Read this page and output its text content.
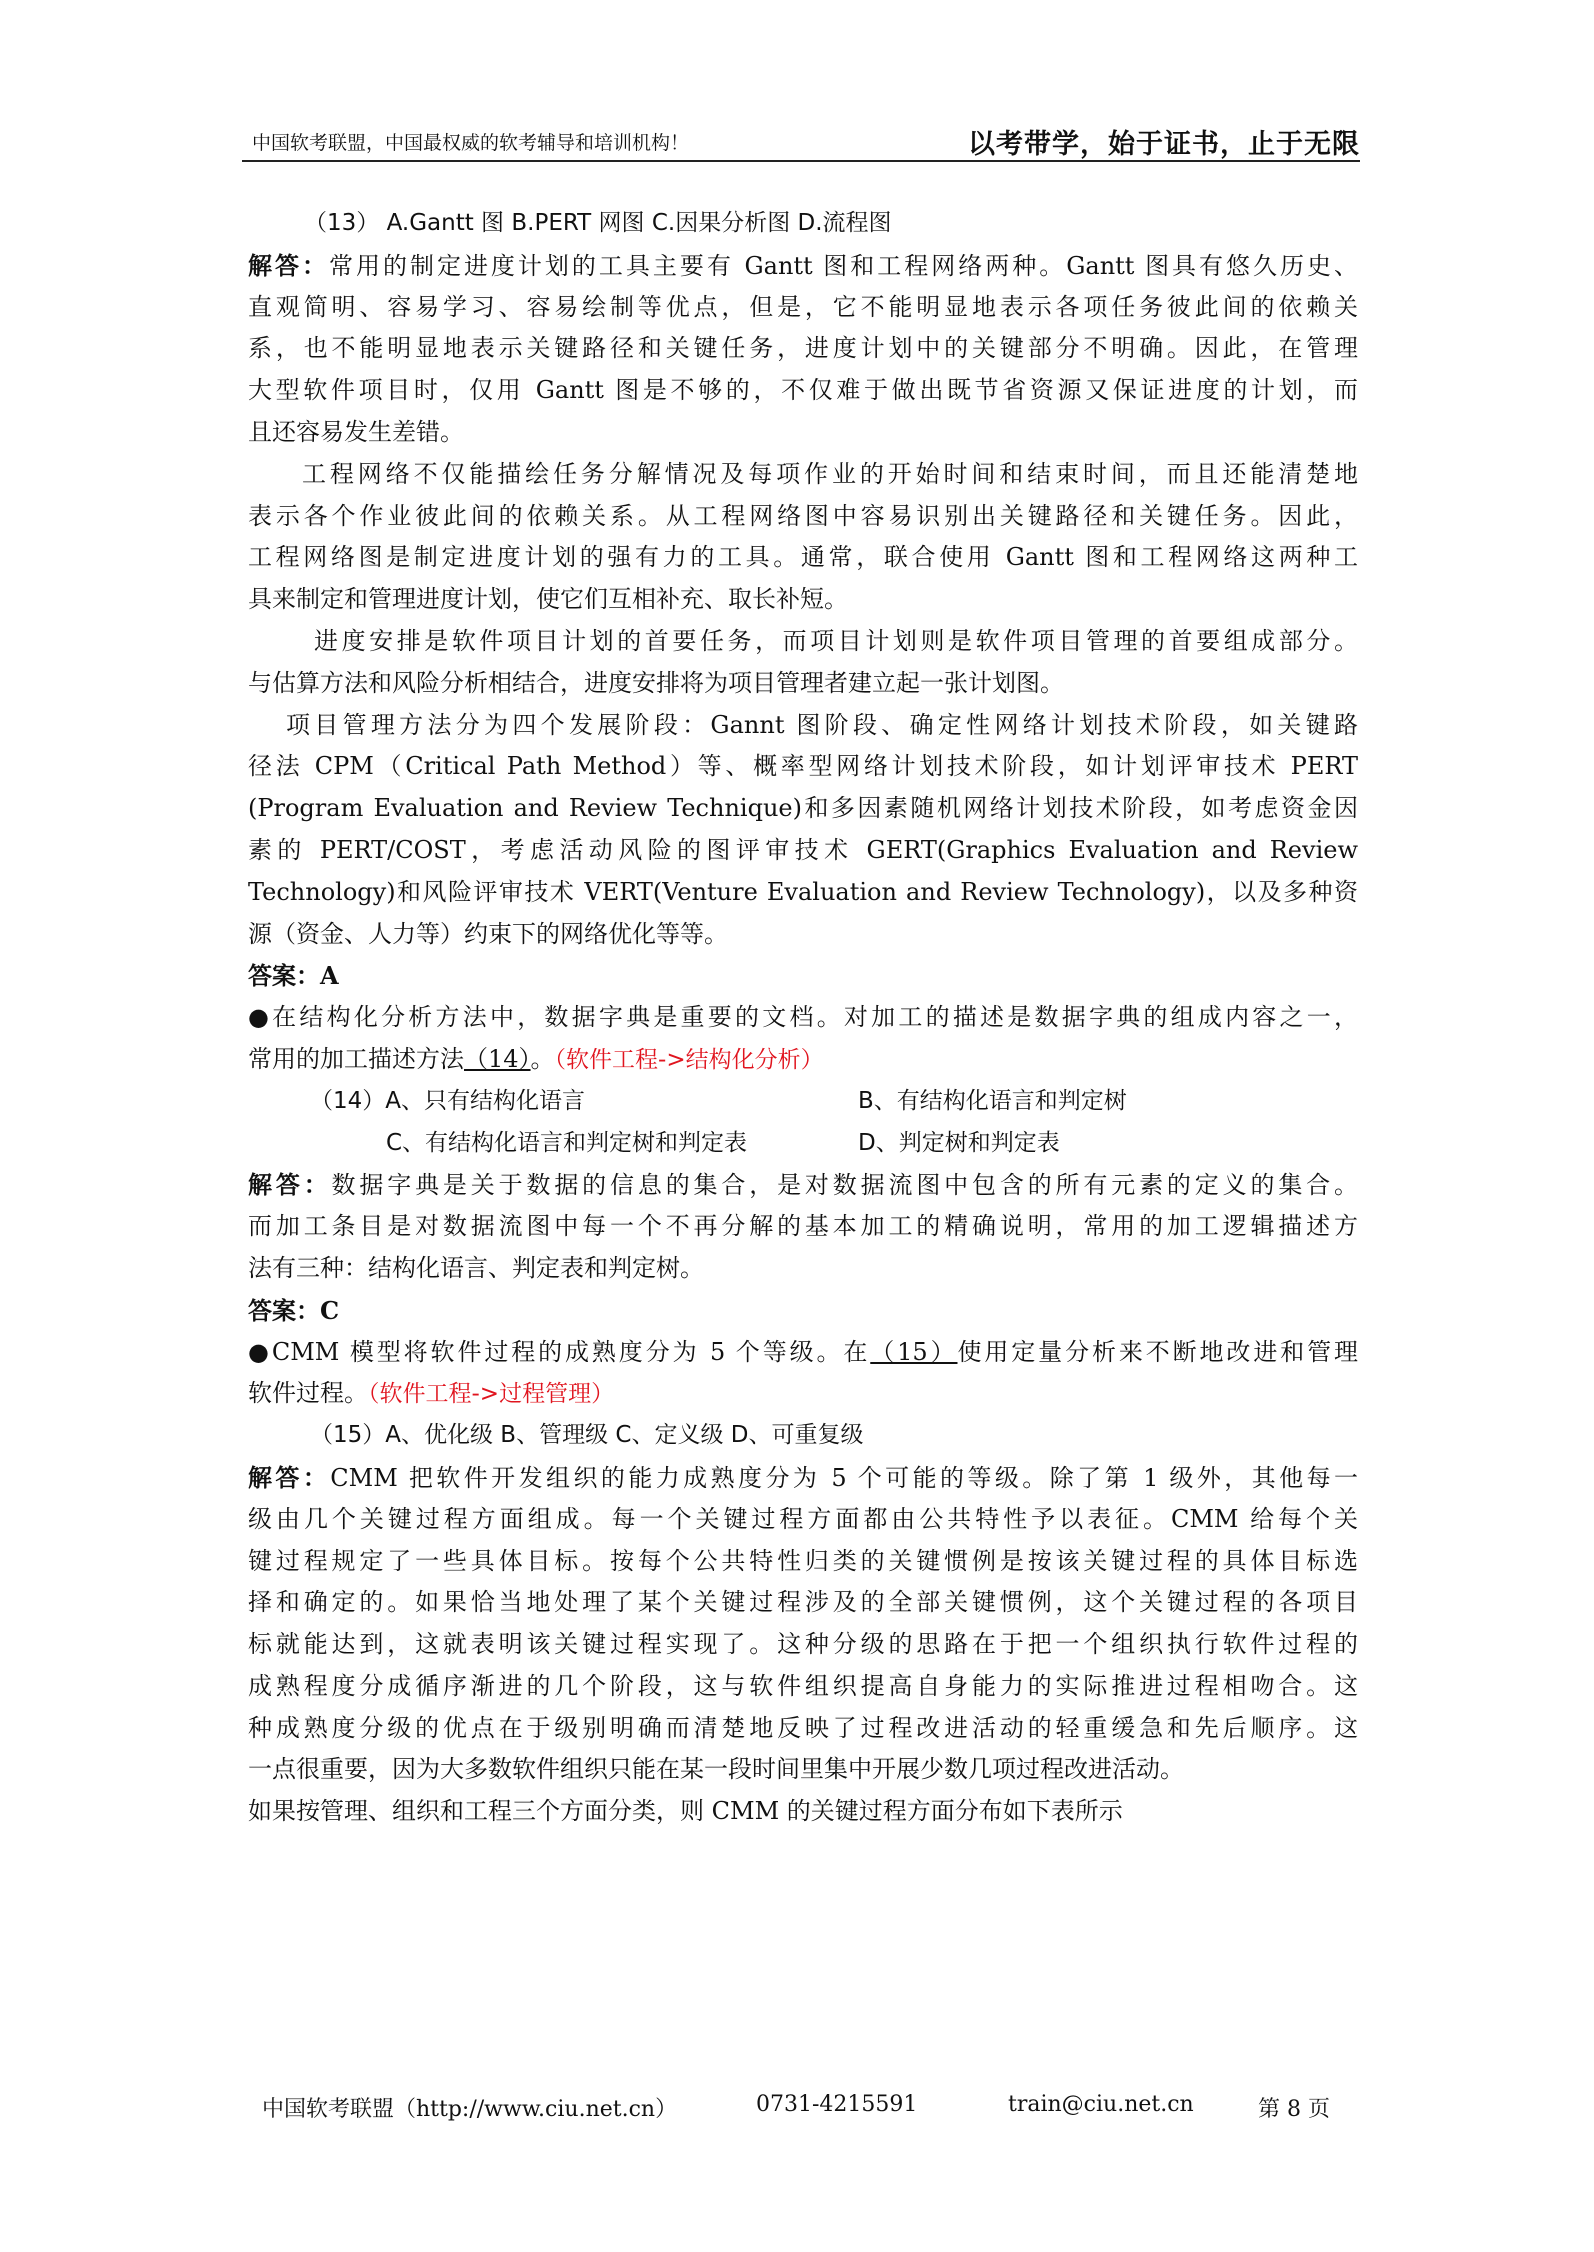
中国软考联盟，中国最权威的软考辅导和培训机构！	以考带学，始于证书，止于无限
（13） A.Gantt 图 B.PERT 网图 C.因果分析图 D.流程图
解答：常用的制定进度计划的工具主要有 Gantt 图和工程网络两种。Gantt 图具有悠久历史、
直观简明、容易学习、容易绘制等优点，但是，它不能明显地表示各项任务彼此间的依赖关
系，也不能明显地表示关键路径和关键任务，进度计划中的关键部分不明确。因此，在管理
大型软件项目时，仅用 Gantt 图是不够的，不仅难于做出既节省资源又保证进度的计划，而
且还容易发生差错。
工程网络不仅能描绘任务分解情况及每项作业的开始时间和结束时间，而且还能清楚地
表示各个作业彼此间的依赖关系。从工程网络图中容易识别出关键路径和关键任务。因此，
工程网络图是制定进度计划的强有力的工具。通常，联合使用 Gantt 图和工程网络这两种工
具来制定和管理进度计划，使它们互相补充、取长补短。
进度安排是软件项目计划的首要任务，而项目计划则是软件项目管理的首要组成部分。
与估算方法和风险分析相结合，进度安排将为项目管理者建立起一张计划图。
项目管理方法分为四个发展阶段：Gannt 图阶段、确定性网络计划技术阶段，如关键路
径法 CPM（Critical Path Method）等、概率型网络计划技术阶段，如计划评审技术 PERT
(Program Evaluation and Review Technique)和多因素随机网络计划技术阶段，如考虑资金因
素的 PERT/COST，考虑活动风险的图评审技术 GERT(Graphics Evaluation and Review
Technology)和风险评审技术 VERT(Venture Evaluation and Review Technology)，以及多种资
源（资金、人力等）约束下的网络优化等等。
答案：A
●在结构化分析方法中，数据字典是重要的文档。对加工的描述是数据字典的组成内容之一，
常用的加工描述方法（14）。（软件工程->结构化分析）
（14）A、只有结构化语言	B、有结构化语言和判定树
C、有结构化语言和判定树和判定表	D、判定树和判定表
解答：数据字典是关于数据的信息的集合，是对数据流图中包含的所有元素的定义的集合。
而加工条目是对数据流图中每一个不再分解的基本加工的精确说明，常用的加工逻辑描述方
法有三种：结构化语言、判定表和判定树。
答案：C
●CMM 模型将软件过程的成熟度分为 5 个等级。在（15）使用定量分析来不断地改进和管理
软件过程。（软件工程->过程管理）
（15）A、优化级 B、管理级 C、定义级 D、可重复级
解答：CMM 把软件开发组织的能力成熟度分为 5 个可能的等级。除了第 1 级外，其他每一
级由几个关键过程方面组成。每一个关键过程方面都由公共特性予以表征。CMM 给每个关
键过程规定了一些具体目标。按每个公共特性归类的关键惯例是按该关键过程的具体目标选
择和确定的。如果恰当地处理了某个关键过程涉及的全部关键惯例，这个关键过程的各项目
标就能达到，这就表明该关键过程实现了。这种分级的思路在于把一个组织执行软件过程的
成熟程度分成循序渐进的几个阶段，这与软件组织提高自身能力的实际推进过程相吻合。这
种成熟度分级的优点在于级别明确而清楚地反映了过程改进活动的轻重缓急和先后顺序。这
一点很重要，因为大多数软件组织只能在某一段时间里集中开展少数几项过程改进活动。
如果按管理、组织和工程三个方面分类，则 CMM 的关键过程方面分布如下表所示
中国软考联盟（http://www.ciu.net.cn）	0731-4215591	train@ciu.net.cn	第 8 页
